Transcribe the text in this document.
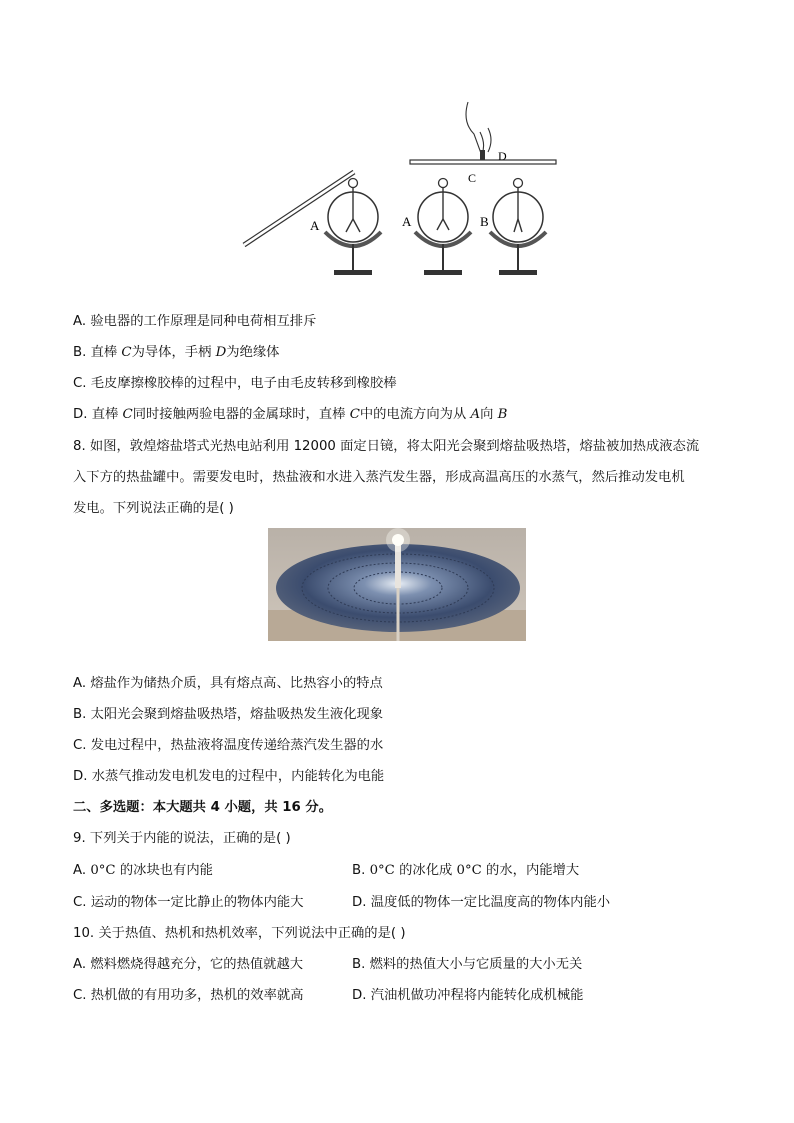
A
D
C
A	B
A. 验电器的工作原理是同种电荷相互排斥
B. 直棒 C为导体，手柄 D为绝缘体
C. 毛皮摩擦橡胶棒的过程中，电子由毛皮转移到橡胶棒
D. 直棒 C同时接触两验电器的金属球时，直棒 C中的电流方向为从 A向 B
8. 如图，敦煌熔盐塔式光热电站利用 12000 面定日镜，将太阳光会聚到熔盐吸热塔，熔盐被加热成液态流
入下方的热盐罐中。需要发电时，热盐液和水进入蒸汽发生器，形成高温高压的水蒸气，然后推动发电机
发电。下列说法正确的是( )
A. 熔盐作为储热介质，具有熔点高、比热容小的特点
B. 太阳光会聚到熔盐吸热塔，熔盐吸热发生液化现象
C. 发电过程中，热盐液将温度传递给蒸汽发生器的水
D. 水蒸气推动发电机发电的过程中，内能转化为电能
二、多选题：本大题共 4 小题，共 16 分。
9. 下列关于内能的说法，正确的是( )
A. 0°C 的冰块也有内能	B. 0°C 的冰化成 0°C 的水，内能增大
C. 运动的物体一定比静止的物体内能大	D. 温度低的物体一定比温度高的物体内能小
10. 关于热值、热机和热机效率，下列说法中正确的是( )
A. 燃料燃烧得越充分，它的热值就越大	B. 燃料的热值大小与它质量的大小无关
C. 热机做的有用功多，热机的效率就高	D. 汽油机做功冲程将内能转化成机械能
